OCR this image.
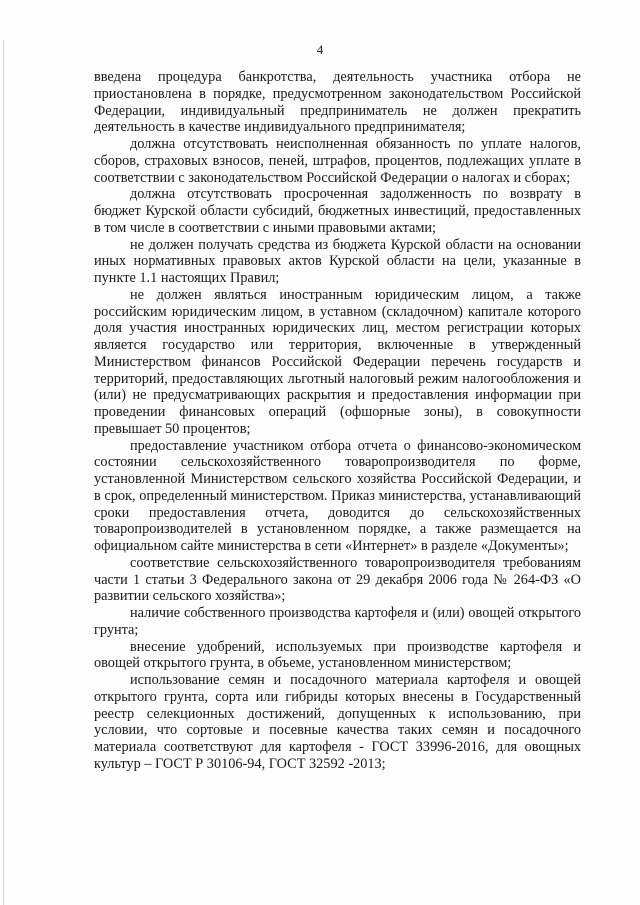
4

введена процедура банкротства, деятельность участника отбора не приостановлена в порядке, предусмотренном законодательством Российской Федерации, индивидуальный предприниматель не должен прекратить деятельность в качестве индивидуального предпринимателя;

должна отсутствовать неисполненная обязанность по уплате налогов, сборов, страховых взносов, пеней, штрафов, процентов, подлежащих уплате в соответствии с законодательством Российской Федерации о налогах и сборах;

должна отсутствовать просроченная задолженность по возврату в бюджет Курской области субсидий, бюджетных инвестиций, предоставленных в том числе в соответствии с иными правовыми актами;

не должен получать средства из бюджета Курской области на основании иных нормативных правовых актов Курской области на цели, указанные в пункте 1.1 настоящих Правил;

не должен являться иностранным юридическим лицом, а также российским юридическим лицом, в уставном (складочном) капитале которого доля участия иностранных юридических лиц, местом регистрации которых является государство или территория, включенные в утвержденный Министерством финансов Российской Федерации перечень государств и территорий, предоставляющих льготный налоговый режим налогообложения и (или) не предусматривающих раскрытия и предоставления информации при проведении финансовых операций (офшорные зоны), в совокупности превышает 50 процентов;

предоставление участником отбора отчета о финансово-экономическом состоянии сельскохозяйственного товаропроизводителя по форме, установленной Министерством сельского хозяйства Российской Федерации, и в срок, определенный министерством. Приказ министерства, устанавливающий сроки предоставления отчета, доводится до сельскохозяйственных товаропроизводителей в установленном порядке, а также размещается на официальном сайте министерства в сети «Интернет» в разделе «Документы»;

соответствие сельскохозяйственного товаропроизводителя требованиям части 1 статьи 3 Федерального закона от 29 декабря 2006 года № 264-ФЗ «О развитии сельского хозяйства»;

наличие собственного производства картофеля и (или) овощей открытого грунта;

внесение удобрений, используемых при производстве картофеля и овощей открытого грунта, в объеме, установленном министерством;

использование семян и посадочного материала картофеля и овощей открытого грунта, сорта или гибриды которых внесены в Государственный реестр селекционных достижений, допущенных к использованию, при условии, что сортовые и посевные качества таких семян и посадочного материала соответствуют для картофеля - ГОСТ 33996-2016, для овощных культур – ГОСТ Р 30106-94, ГОСТ 32592 -2013;
